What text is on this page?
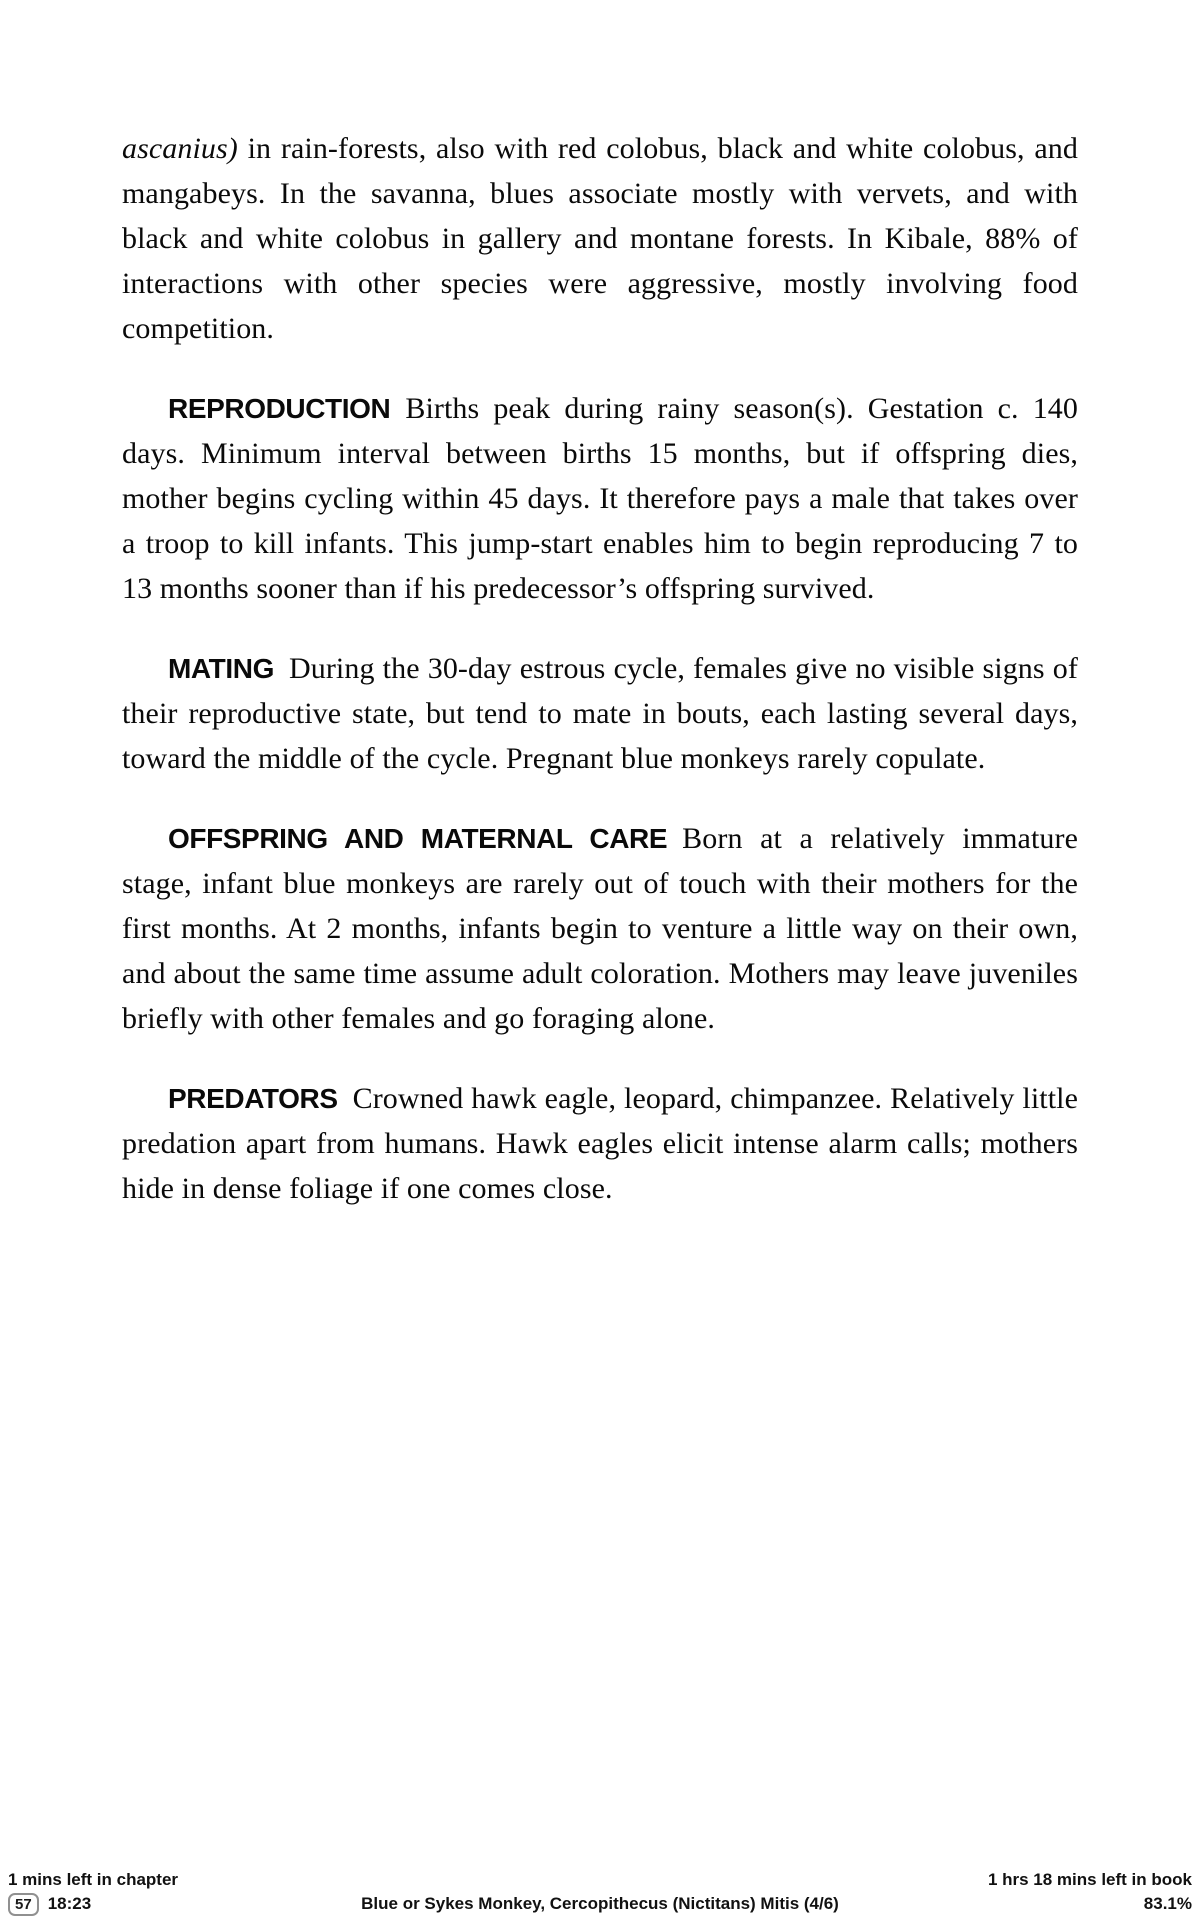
ascanius) in rain-forests, also with red colobus, black and white colobus, and mangabeys. In the savanna, blues associate mostly with vervets, and with black and white colobus in gallery and montane forests. In Kibale, 88% of interactions with other species were aggressive, mostly involving food competition.

REPRODUCTION Births peak during rainy season(s). Gestation c. 140 days. Minimum interval between births 15 months, but if offspring dies, mother begins cycling within 45 days. It therefore pays a male that takes over a troop to kill infants. This jump-start enables him to begin reproducing 7 to 13 months sooner than if his predecessor’s offspring survived.

MATING During the 30-day estrous cycle, females give no visible signs of their reproductive state, but tend to mate in bouts, each lasting several days, toward the middle of the cycle. Pregnant blue monkeys rarely copulate.

OFFSPRING AND MATERNAL CARE Born at a relatively immature stage, infant blue monkeys are rarely out of touch with their mothers for the first months. At 2 months, infants begin to venture a little way on their own, and about the same time assume adult coloration. Mothers may leave juveniles briefly with other females and go foraging alone.

PREDATORS Crowned hawk eagle, leopard, chimpanzee. Relatively little predation apart from humans. Hawk eagles elicit intense alarm calls; mothers hide in dense foliage if one comes close.

1 mins left in chapter	1 hrs 18 mins left in book
57 18:23	Blue or Sykes Monkey, Cercopithecus (Nictitans) Mitis (4/6)	83.1%
